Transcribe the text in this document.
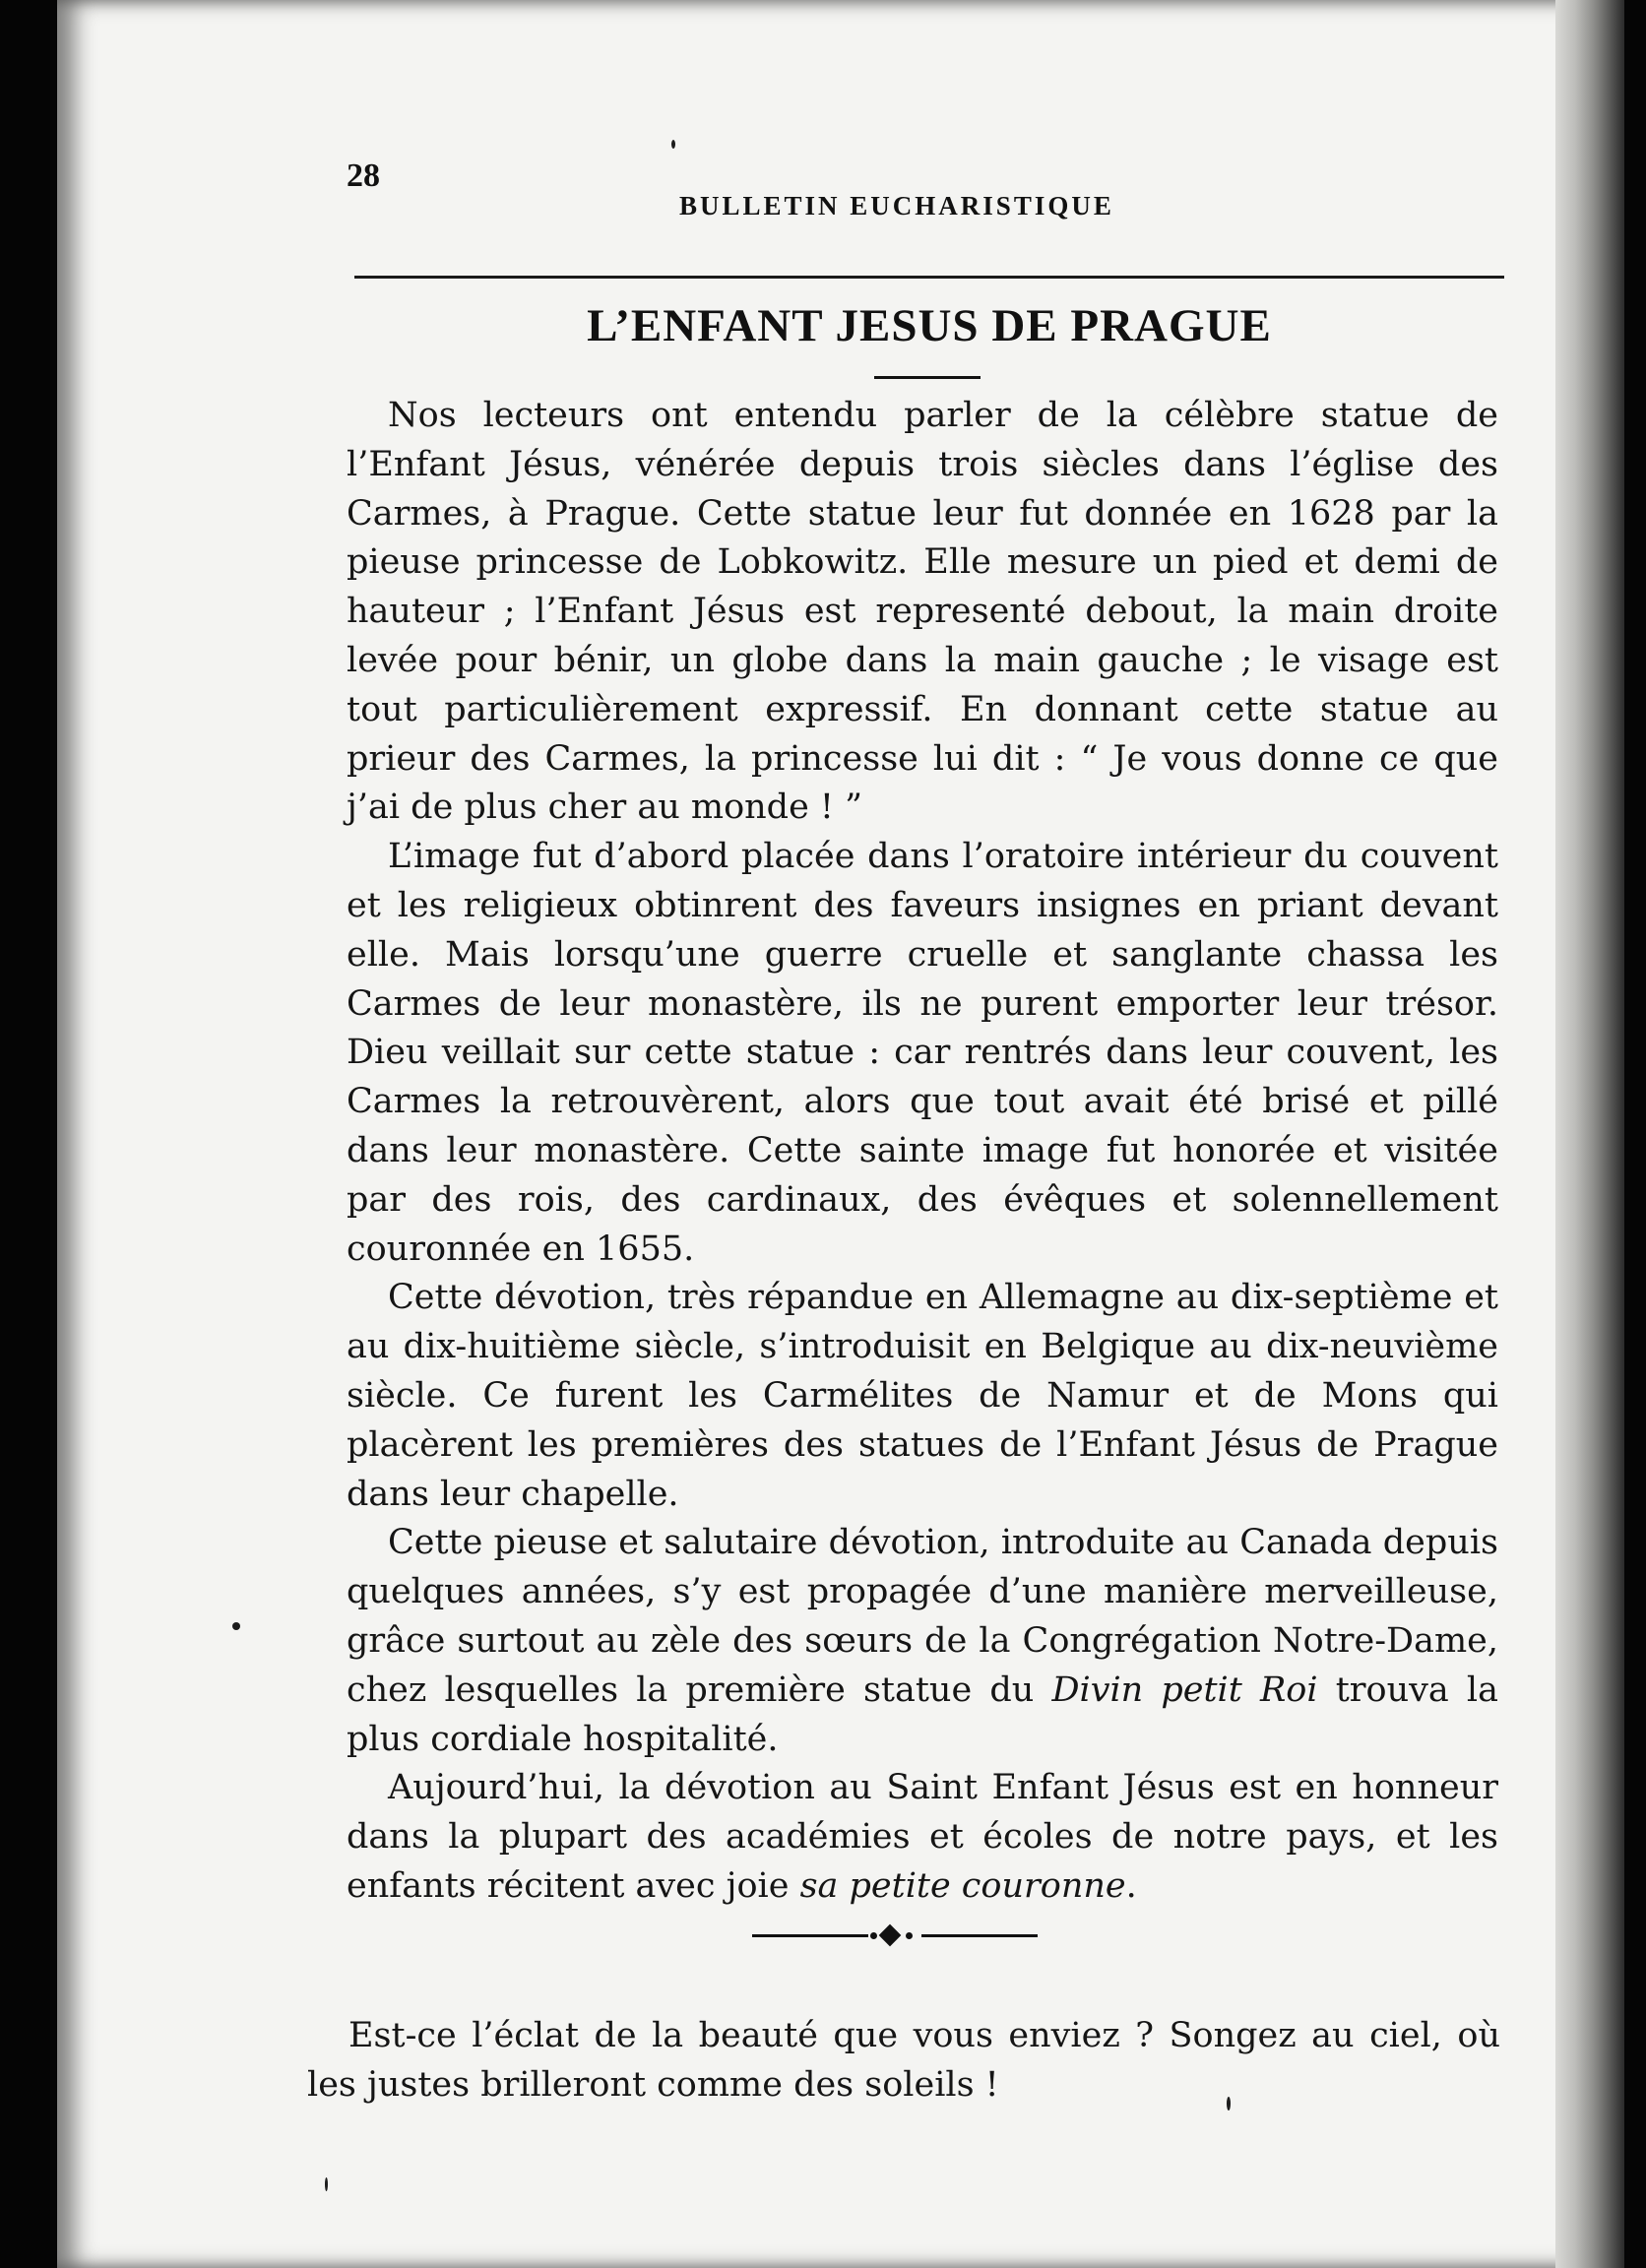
28
BULLETIN EUCHARISTIQUE
L’ENFANT JESUS DE PRAGUE

Nos lecteurs ont entendu parler de la célèbre statue de l’Enfant Jésus, vénérée depuis trois siècles dans l’église des Carmes, à Prague. Cette statue leur fut donnée en 1628 par la pieuse princesse de Lobkowitz. Elle mesure un pied et demi de hauteur ; l’Enfant Jésus est representé debout, la main droite levée pour bénir, un globe dans la main gauche ; le visage est tout particulièrement expressif. En donnant cette statue au prieur des Carmes, la princesse lui dit : “ Je vous donne ce que j’ai de plus cher au monde ! ”

L’image fut d’abord placée dans l’oratoire intérieur du couvent et les religieux obtinrent des faveurs insignes en priant devant elle. Mais lorsqu’une guerre cruelle et sanglante chassa les Carmes de leur monastère, ils ne purent emporter leur trésor. Dieu veillait sur cette statue : car rentrés dans leur couvent, les Carmes la retrouvèrent, alors que tout avait été brisé et pillé dans leur monastère. Cette sainte image fut honorée et visitée par des rois, des cardinaux, des évêques et solennellement couronnée en 1655.

Cette dévotion, très répandue en Allemagne au dix-septième et au dix-huitième siècle, s’introduisit en Belgique au dix-neuvième siècle. Ce furent les Carmélites de Namur et de Mons qui placèrent les premières des statues de l’Enfant Jésus de Prague dans leur chapelle.

Cette pieuse et salutaire dévotion, introduite au Canada depuis quelques années, s’y est propagée d’une manière merveilleuse, grâce surtout au zèle des sœurs de la Congrégation Notre-Dame, chez lesquelles la première statue du Divin petit Roi trouva la plus cordiale hospitalité.

Aujourd’hui, la dévotion au Saint Enfant Jésus est en honneur dans la plupart des académies et écoles de notre pays, et les enfants récitent avec joie sa petite couronne.

Est-ce l’éclat de la beauté que vous enviez ? Songez au ciel, où les justes brilleront comme des soleils !
